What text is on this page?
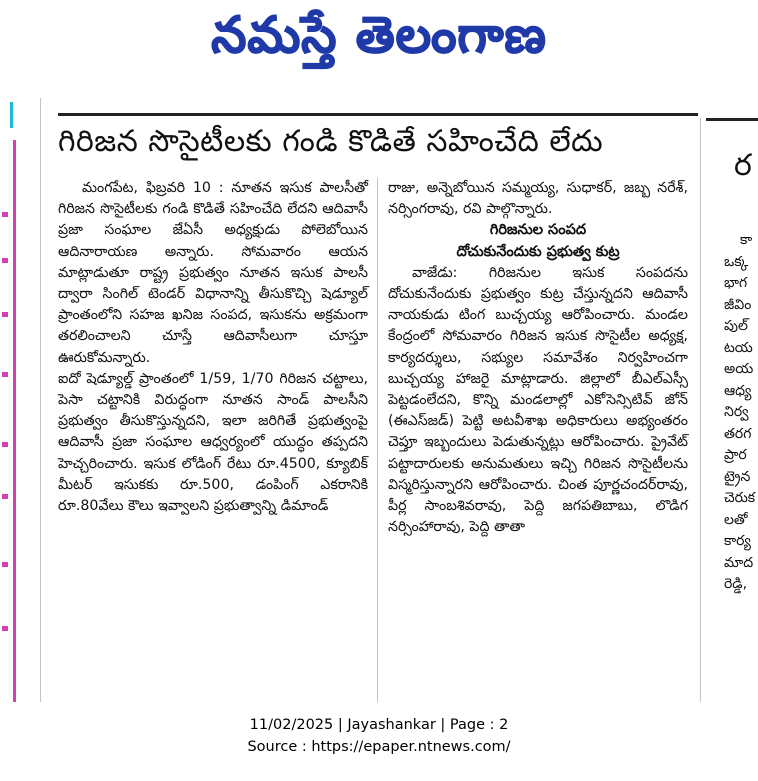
నమస్తే తెలంగాణ
గిరిజన సొసైటీలకు గండి కొడితే సహించేది లేదు

మంగపేట, ఫిబ్రవరి 10 : నూతన ఇసుక పాలసీతో గిరిజన సొసైటీలకు గండి కొడితే సహించేది లేదని ఆదివాసీ ప్రజా సంఘాల జేఏసీ అధ్యక్షుడు పోలెబోయిన ఆదినారాయణ అన్నారు. సోమవారం ఆయన మాట్లాడుతూ రాష్ట్ర ప్రభుత్వం నూతన ఇసుక పాలసీ ద్వారా సింగిల్ టెండర్ విధానాన్ని తీసుకొచ్చి షెడ్యూల్ ప్రాంతంలోని సహజ ఖనిజ సంపద, ఇసుకను అక్రమంగా తరలించాలని చూస్తే ఆదివాసీలుగా చూస్తూ ఊరుకోమన్నారు.

ఐదో షెడ్యూల్డ్ ప్రాంతంలో 1/59, 1/70 గిరిజన చట్టాలు, పెసా చట్టానికి విరుద్ధంగా నూతన సాండ్ పాలసీని ప్రభుత్వం తీసుకొస్తున్నదని, ఇలా జరిగితే ప్రభుత్వంపై ఆదివాసీ ప్రజా సంఘాల ఆధ్వర్యంలో యుద్ధం తప్పదని హెచ్చరించారు. ఇసుక లోడింగ్ రేటు రూ.4500, క్యూబిక్ మీటర్ ఇసుకకు రూ.500, డంపింగ్ ఎకరానికి రూ.80వేలు కౌలు ఇవ్వాలని ప్రభుత్వాన్ని డిమాండ్

రాజు, అన్నెబోయిన సమ్మయ్య, సుధాకర్, జబ్బ నరేశ్, నర్సింగరావు, రవి పాల్గొన్నారు.

గిరిజనుల సంపద

దోచుకునేందుకు ప్రభుత్వ కుట్ర

వాజేడు: గిరిజనుల ఇసుక సంపదను దోచుకునేందుకు ప్రభుత్వం కుట్ర చేస్తున్నదని ఆదివాసీ నాయకుడు టింగ బుచ్చయ్య ఆరోపించారు. మండల కేంద్రంలో సోమవారం గిరిజన ఇసుక సొసైటీల అధ్యక్ష, కార్యదర్శులు, సభ్యుల సమావేశం నిర్వహించగా బుచ్చయ్య హాజరై మాట్లాడారు. జిల్లాలో బీఎల్ఎస్సీ పెట్టడంలేదని, కొన్ని మండలాల్లో ఎకోసెన్సిటివ్ జోన్ (ఈఎస్‌జడ్) పెట్టి అటవీశాఖ అధికారులు అభ్యంతరం చెప్తూ ఇబ్బందులు పెడుతున్నట్లు ఆరోపించారు. ప్రైవేట్ పట్టాదారులకు అనుమతులు ఇచ్చి గిరిజన సొసైటీలను విస్మరిస్తున్నారని ఆరోపించారు. చింత పూర్ణచందర్‌రావు, పీర్ల సాంబశివరావు, పెద్ది జగపతిబాబు, లొడిగ నర్సింహారావు, పెద్ది తాతా

ర
కా
ఒక్క
భాగ
జీవిం
పుల్
టయ
అయ
ఆధ్య
నిర్వ
తరగ
ప్రార
ట్రైన
చెరుక
లతో
కార్య
మాద
రెడ్డి,
11/02/2025 | Jayashankar | Page : 2
Source : https://epaper.ntnews.com/
